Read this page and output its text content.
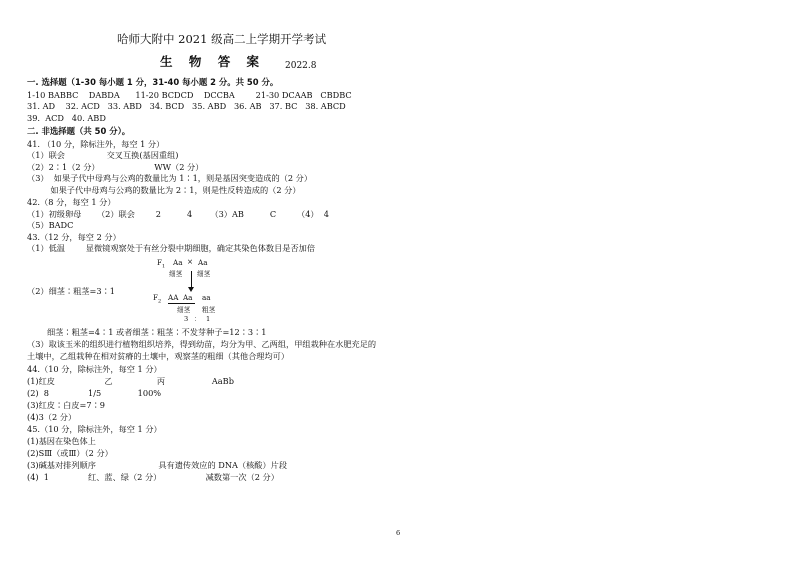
哈师大附中 2021 级高二上学期开学考试
生 物 答 案 2022.8
一. 选择题（1-30 每小题 1 分，31-40 每小题 2 分。共 50 分。
1-10 BABBC    DABDA      11-20 BCDCD    DCCBA        21-30 DCAAB   CBDBC
31. AD    32. ACD   33. ABD   34. BCD   35. ABD   36. AB   37. BC   38. ABCD
39.  ACD   40. ABD
二. 非选择题（共 50 分）。
41. （10 分，除标注外，每空 1 分）
（1）联会                交叉互换(基因重组)
（2）2∶1（2 分）                     WW（2 分）
（3）  如果子代中母鸡与公鸡的数量比为 1∶1，则是基因突变造成的（2 分）
如果子代中母鸡与公鸡的数量比为 2∶1，则是性反转造成的（2 分）
42.（8 分，每空 1 分）
（1）初级卵母      （2）联会        2          4       （3）AB          C        （4）  4
（5）BADC
43.（12 分，每空 2 分）
（1）低温        显微镜观察处于有丝分裂中期细胞，确定其染色体数目是否加倍
$F_1$ Aa × Aa
细茎 细茎
$F_2$ AA  Aa aa
细茎 粗茎
3 ： 1
（2）细茎∶粗茎=3∶1
细茎∶粗茎=4∶1 或者细茎∶粗茎∶不发芽种子=12∶3∶1
（3）取该玉米的组织进行植物组织培养，得到幼苗，均分为甲、乙两组，甲组栽种在水肥充足的
土壤中，乙组栽种在相对贫瘠的土壤中，观察茎的粗细（其他合理均可）
44.（10 分，除标注外，每空 1 分）
(1)红皮                   乙                 丙                  AaBb
(2)  8               1/5              100%
(3)红皮∶白皮=7∶9
(4)3（2 分）
45.（10 分，除标注外，每空 1 分）
(1)基因在染色体上
(2)SⅢ（或Ⅲ）（2 分）
(3)碱基对排列顺序                        具有遗传效应的 DNA（核酸）片段
(4)  1               红、蓝、绿（2 分）                 减数第一次（2 分）
6
